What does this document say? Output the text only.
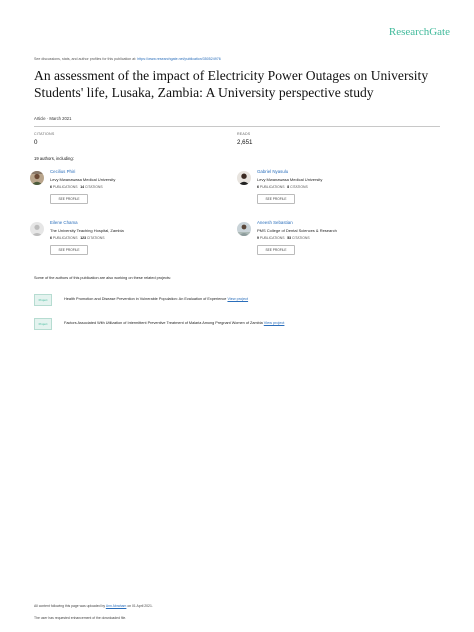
ResearchGate
See discussions, stats, and author profiles for this publication at: https://www.researchgate.net/publication/350524976
An assessment of the impact of Electricity Power Outages on University Students' life, Lusaka, Zambia: A University perspective study
Article · March 2021
CITATIONS
0
READS
2,651
19 authors, including:
Cecilius Phiri
Levy Mwanawasa Medical University
6 PUBLICATIONS 14 CITATIONS
SEE PROFILE
Gabriel Nyasulu
Levy Mwanawasa Medical University
6 PUBLICATIONS 8 CITATIONS
SEE PROFILE
Eilene Chama
The University Teaching Hospital, Zambia
6 PUBLICATIONS 123 CITATIONS
SEE PROFILE
Aneesh Sebastian
PMS College of Dental Sciences & Research
9 PUBLICATIONS 53 CITATIONS
SEE PROFILE
Some of the authors of this publication are also working on these related projects:
Project	Health Promotion and Disease Prevention in Vulnerable Population: An Evaluation of Experience View project
Project	Factors Associated With Utilization of Intermittent Preventive Treatment of Malaria Among Pregnant Women of Zambia View project
All content following this page was uploaded by Ann Abraham on 01 April 2021.
The user has requested enhancement of the downloaded file.
